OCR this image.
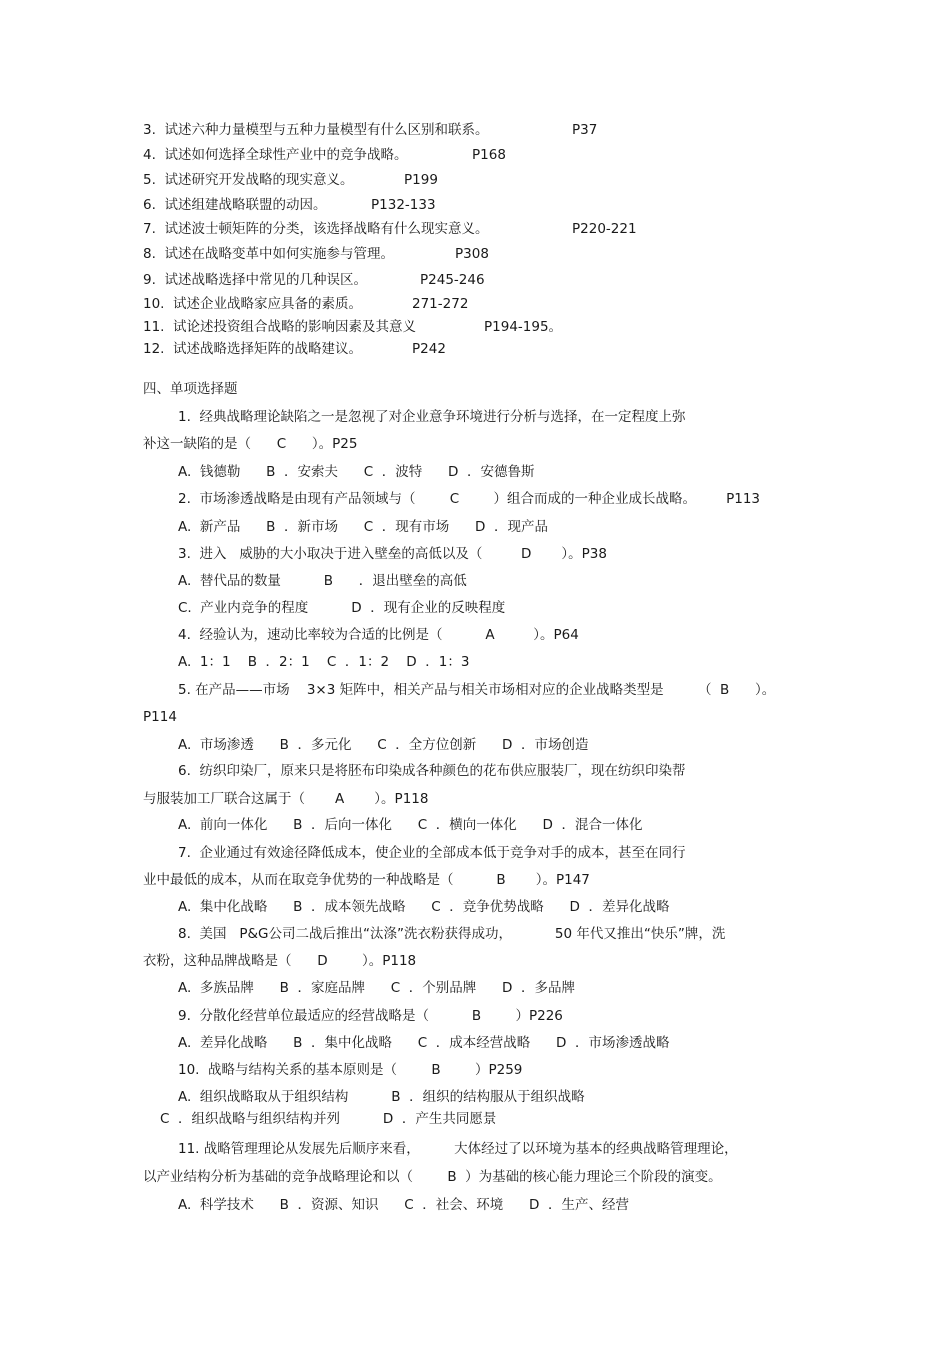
3.  试述六种力量模型与五种力量模型有什么区别和联系。	P37
4.  试述如何选择全球性产业中的竞争战略。	P168
5.  试述研究开发战略的现实意义。	P199
6.  试述组建战略联盟的动因。	P132-133
7.  试述波士顿矩阵的分类，该选择战略有什么现实意义。	P220-221
8.  试述在战略变革中如何实施参与管理。	P308
9.  试述战略选择中常见的几种误区。	P245-246
10.  试述企业战略家应具备的素质。	271-272
11.  试论述投资组合战略的影响因素及其意义	P194-195。
12.  试述战略选择矩阵的战略建议。	P242
四、单项选择题
1.  经典战略理论缺陷之一是忽视了对企业意争环境进行分析与选择，在一定程度上弥
补这一缺陷的是（      C      ）。P25
A.  钱德勒      B  ．安索夫      C  ．波特      D  ．安德鲁斯
2.  市场渗透战略是由现有产品领域与（        C        ）组合而成的一种企业成长战略。       P113
A.  新产品      B  ．新市场      C  ．现有市场      D  ．现产品
3.  进入   威胁的大小取决于进入壁垒的高低以及（         D       ）。P38
A.  替代品的数量          B      ．退出壁垒的高低
C.  产业内竞争的程度          D  ．现有企业的反映程度
4.  经验认为，速动比率较为合适的比例是（          A         ）。P64
A.  1：1    B  ．2：1    C  ．1：2    D  ．1：3
5. 在产品——市场    3×3 矩阵中，相关产品与相关市场相对应的企业战略类型是        （  B      ）。
P114
A.  市场渗透      B  ．多元化      C  ．全方位创新      D  ．市场创造
6.  纺织印染厂，原来只是将胚布印染成各种颜色的花布供应服装厂，现在纺织印染帮
与服装加工厂联合这属于（       A       ）。P118
A.  前向一体化      B  ．后向一体化      C  ．横向一体化      D  ．混合一体化
7.  企业通过有效途径降低成本，使企业的全部成本低于竞争对手的成本，甚至在同行
业中最低的成本，从而在取竞争优势的一种战略是（          B       ）。P147
A.  集中化战略      B  ．成本领先战略      C  ．竞争优势战略      D  ．差异化战略
8.  美国   P&G公司二战后推出“汰涤”洗衣粉获得成功，          50 年代又推出“快乐”牌，洗
衣粉，这种品牌战略是（      D        ）。P118
A.  多族品牌      B  ．家庭品牌      C  ．个别品牌      D  ．多品牌
9.  分散化经营单位最适应的经营战略是（          B        ）P226
A.  差异化战略      B  ．集中化战略      C  ．成本经营战略      D  ．市场渗透战略
10.  战略与结构关系的基本原则是（        B        ）P259
A.  组织战略取从于组织结构          B  ．组织的结构服从于组织战略
C  ．组织战略与组织结构并列          D  ．产生共同愿景
11. 战略管理理论从发展先后顺序来看，        大体经过了以环境为基本的经典战略管理理论，
以产业结构分析为基础的竞争战略理论和以（        B  ）为基础的核心能力理论三个阶段的演变。
A.  科学技术      B  ．资源、知识      C  ．社会、环境      D  ．生产、经营
